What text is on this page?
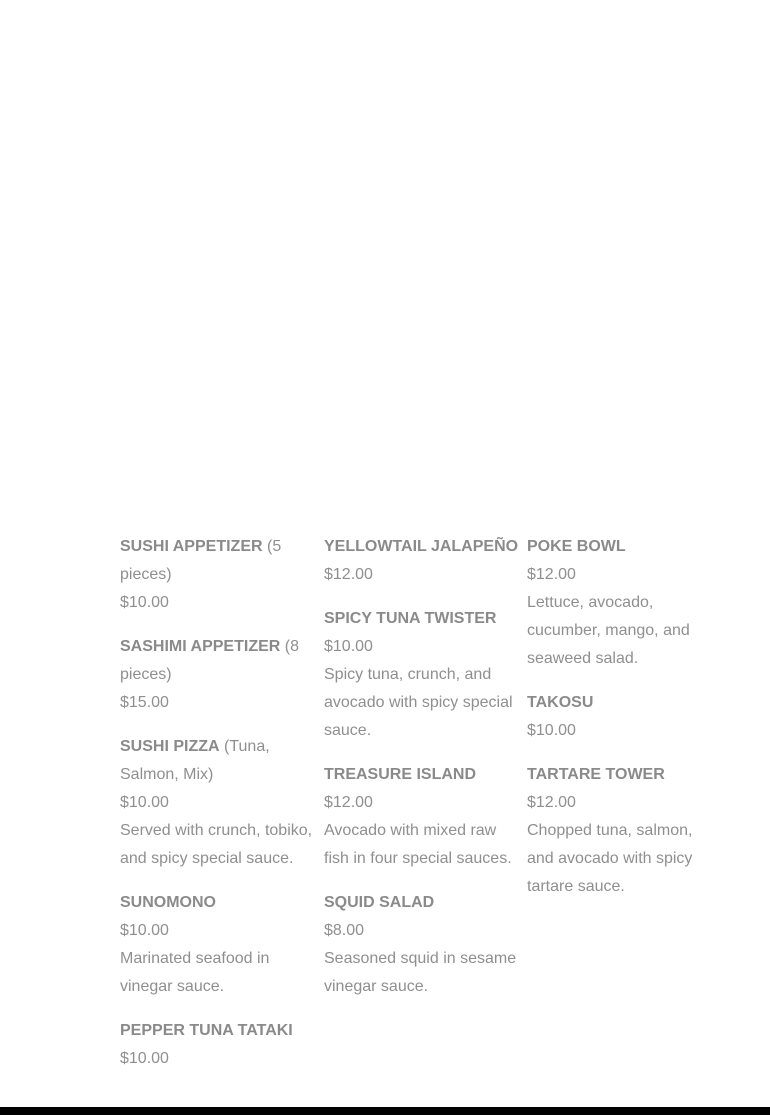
SUSHI APPETIZER (5 pieces)
$10.00
SASHIMI APPETIZER (8 pieces)
$15.00
SUSHI PIZZA (Tuna, Salmon, Mix)
$10.00
Served with crunch, tobiko, and spicy special sauce.
SUNOMONO
$10.00
Marinated seafood in vinegar sauce.
PEPPER TUNA TATAKI
$10.00
YELLOWTAIL JALAPEÑO
$12.00
SPICY TUNA TWISTER
$10.00
Spicy tuna, crunch, and avocado with spicy special sauce.
TREASURE ISLAND
$12.00
Avocado with mixed raw fish in four special sauces.
SQUID SALAD
$8.00
Seasoned squid in sesame vinegar sauce.
POKE BOWL
$12.00
Lettuce, avocado, cucumber, mango, and seaweed salad.
TAKOSU
$10.00
TARTARE TOWER
$12.00
Chopped tuna, salmon, and avocado with spicy tartare sauce.
